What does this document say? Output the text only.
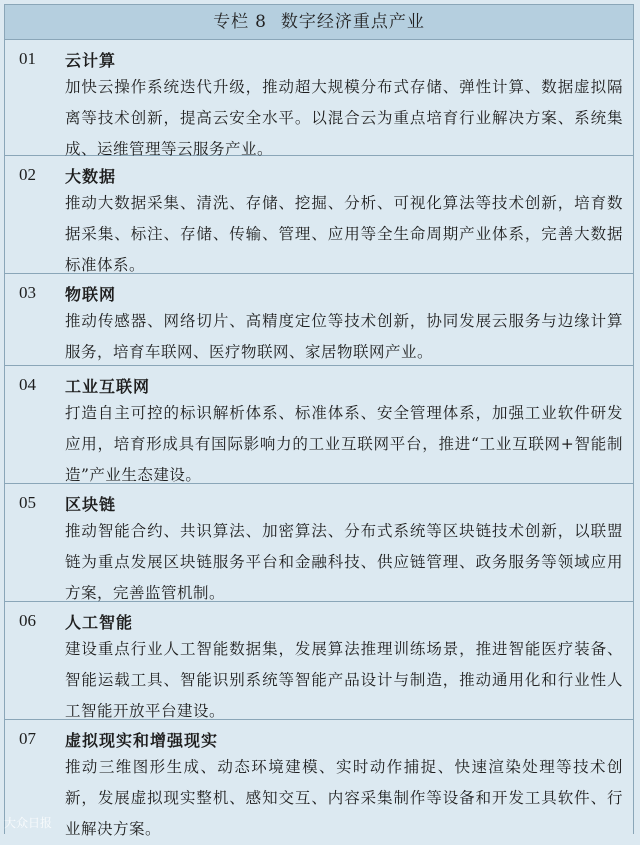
专栏 8 数字经济重点产业
01	云计算
加快云操作系统迭代升级，推动超大规模分布式存储、弹性计算、数据虚拟隔离等技术创新，提高云安全水平。以混合云为重点培育行业解决方案、系统集成、运维管理等云服务产业。
02	大数据
推动大数据采集、清洗、存储、挖掘、分析、可视化算法等技术创新，培育数据采集、标注、存储、传输、管理、应用等全生命周期产业体系，完善大数据标准体系。
03	物联网
推动传感器、网络切片、高精度定位等技术创新，协同发展云服务与边缘计算服务，培育车联网、医疗物联网、家居物联网产业。
04	工业互联网
打造自主可控的标识解析体系、标准体系、安全管理体系，加强工业软件研发应用，培育形成具有国际影响力的工业互联网平台，推进“工业互联网+智能制造”产业生态建设。
05	区块链
推动智能合约、共识算法、加密算法、分布式系统等区块链技术创新，以联盟链为重点发展区块链服务平台和金融科技、供应链管理、政务服务等领域应用方案，完善监管机制。
06	人工智能
建设重点行业人工智能数据集，发展算法推理训练场景，推进智能医疗装备、智能运载工具、智能识别系统等智能产品设计与制造，推动通用化和行业性人工智能开放平台建设。
07	虚拟现实和增强现实
推动三维图形生成、动态环境建模、实时动作捕捉、快速渲染处理等技术创新，发展虚拟现实整机、感知交互、内容采集制作等设备和开发工具软件、行业解决方案。
大众日报
